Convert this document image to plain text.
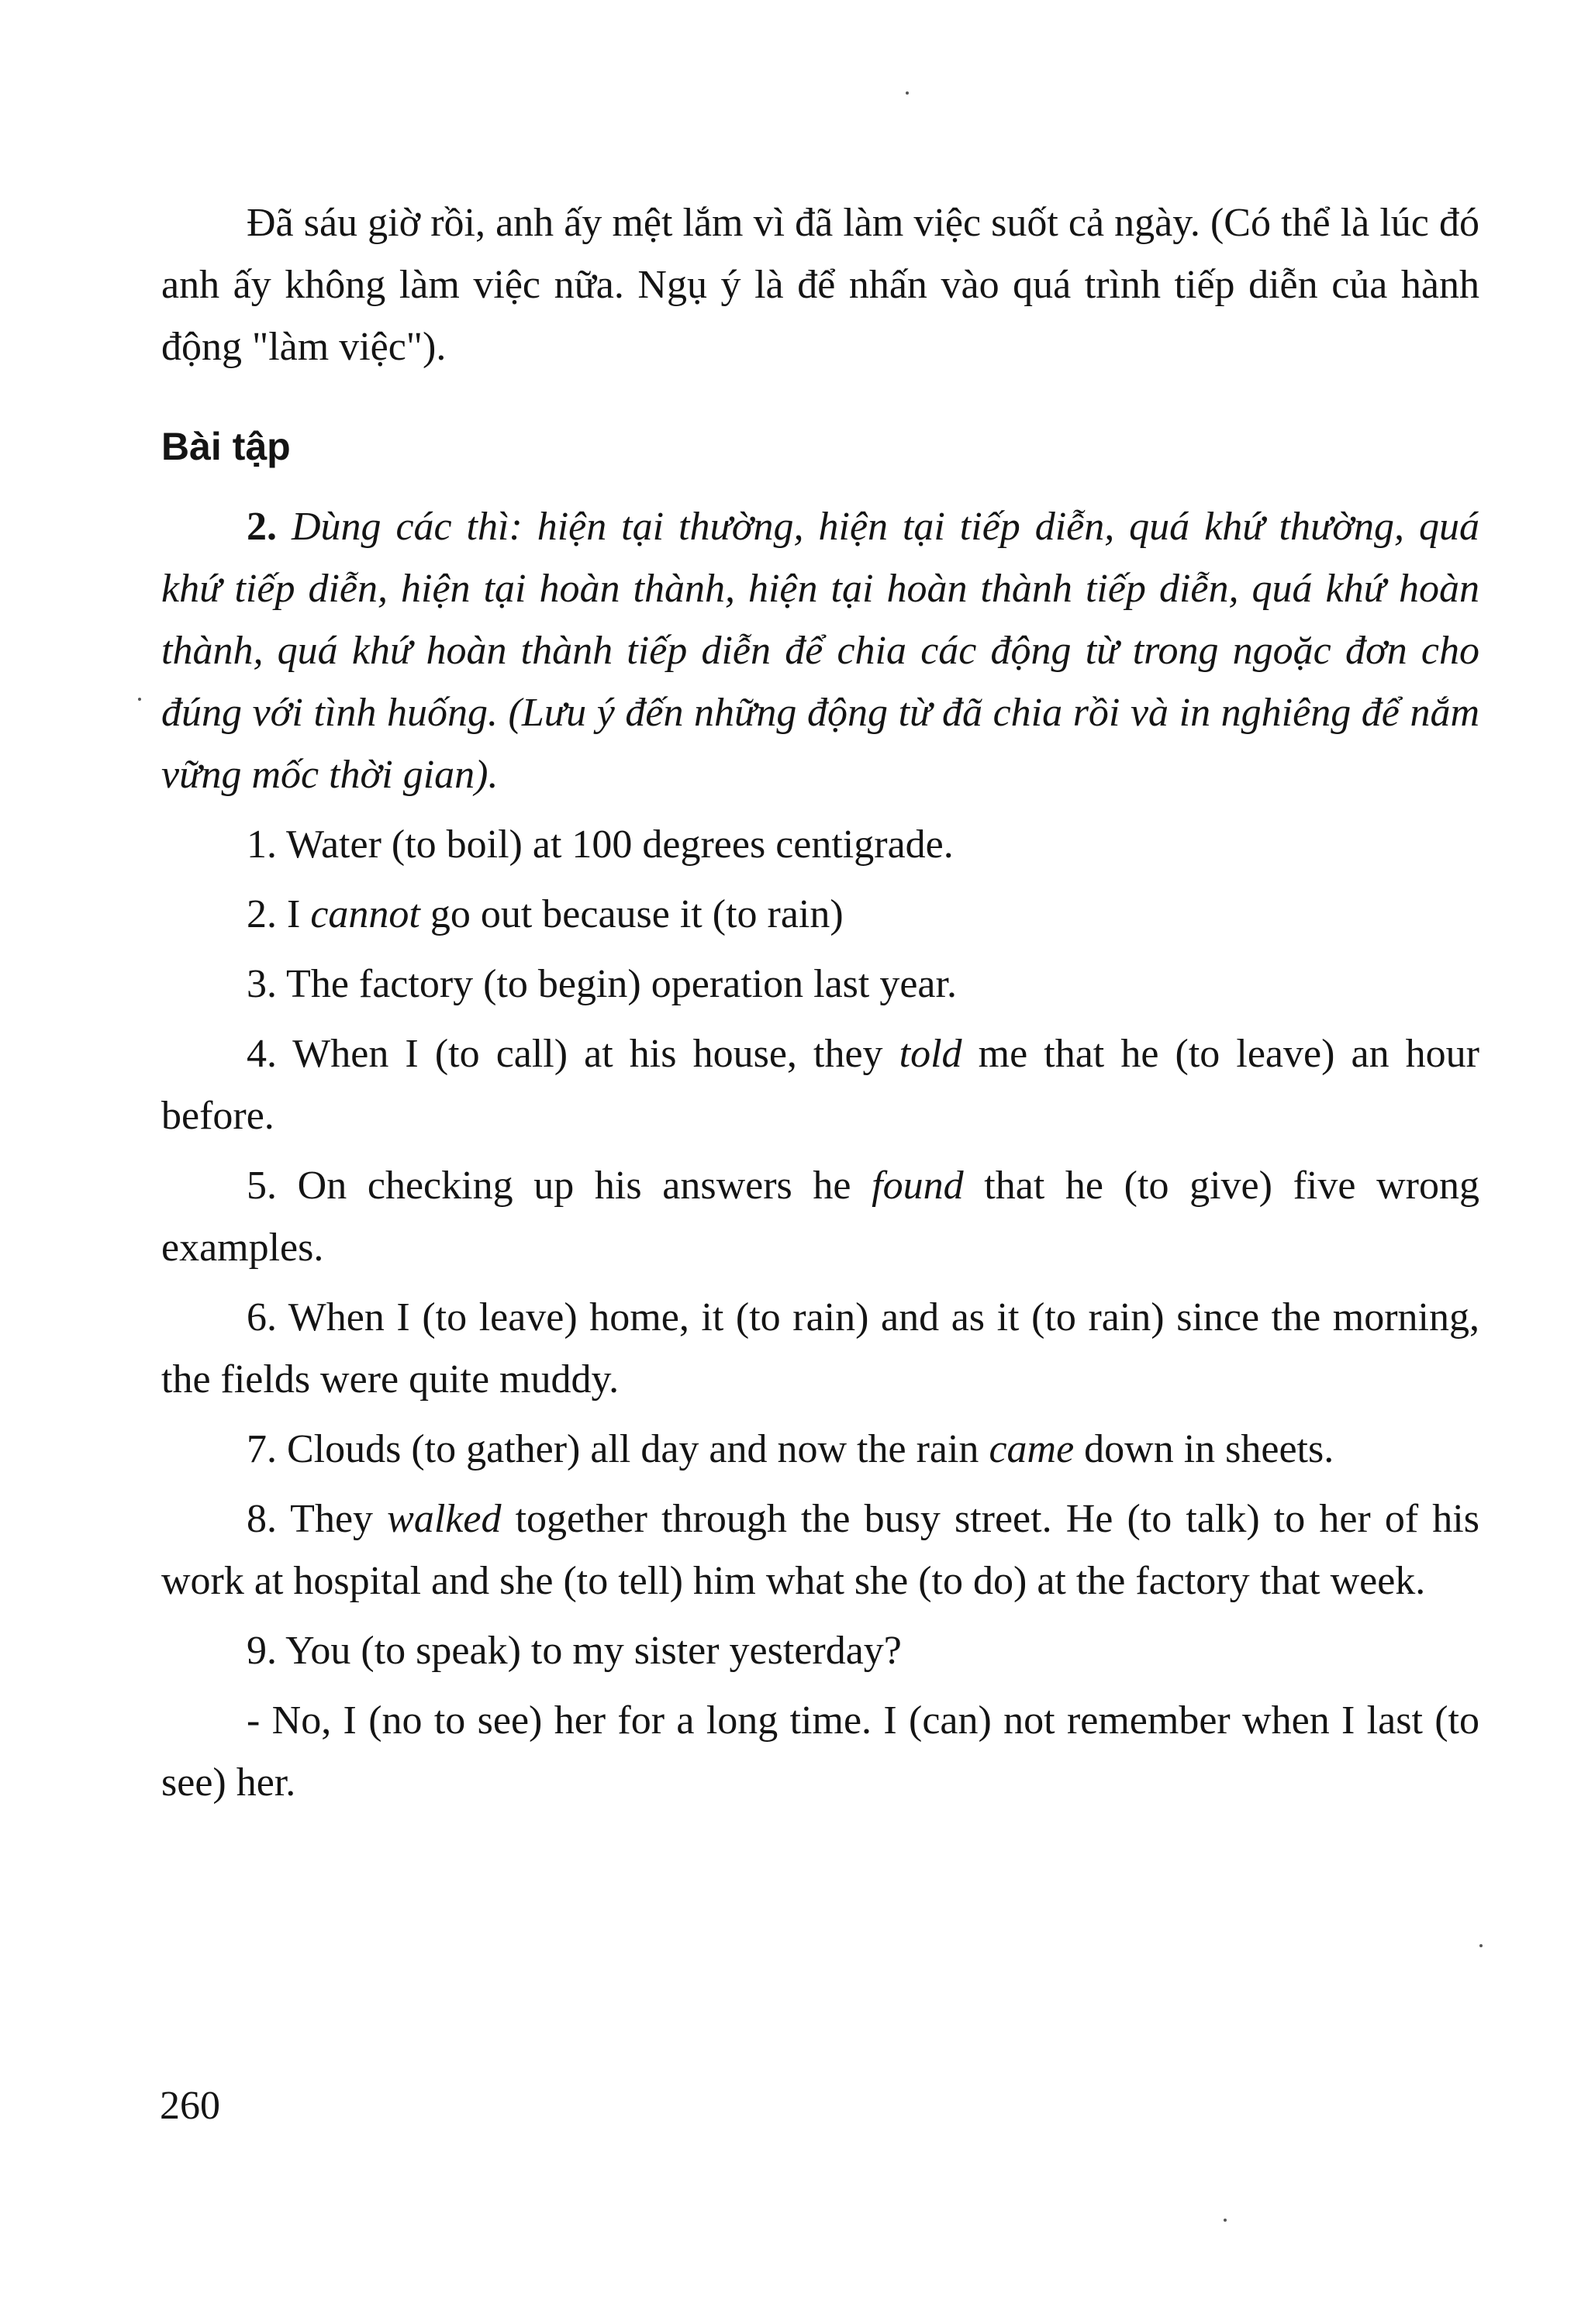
Đã sáu giờ rồi, anh ấy mệt lắm vì đã làm việc suốt cả ngày. (Có thể là lúc đó anh ấy không làm việc nữa. Ngụ ý là để nhấn vào quá trình tiếp diễn của hành động "làm việc").

Bài tập

2. Dùng các thì: hiện tại thường, hiện tại tiếp diễn, quá khứ thường, quá khứ tiếp diễn, hiện tại hoàn thành, hiện tại hoàn thành tiếp diễn, quá khứ hoàn thành, quá khứ hoàn thành tiếp diễn để chia các động từ trong ngoặc đơn cho đúng với tình huống. (Lưu ý đến những động từ đã chia rồi và in nghiêng để nắm vững mốc thời gian).

1. Water (to boil) at 100 degrees centigrade.

2. I cannot go out because it (to rain)

3. The factory (to begin) operation last year.

4. When I (to call) at his house, they told me that he (to leave) an hour before.

5. On checking up his answers he found that he (to give) five wrong examples.

6. When I (to leave) home, it (to rain) and as it (to rain) since the morning, the fields were quite muddy.

7. Clouds (to gather) all day and now the rain came down in sheets.

8. They walked together through the busy street. He (to talk) to her of his work at hospital and she (to tell) him what she (to do) at the factory that week.

9. You (to speak) to my sister yesterday?

- No, I (no to see) her for a long time. I (can) not remember when I last (to see) her.

260
